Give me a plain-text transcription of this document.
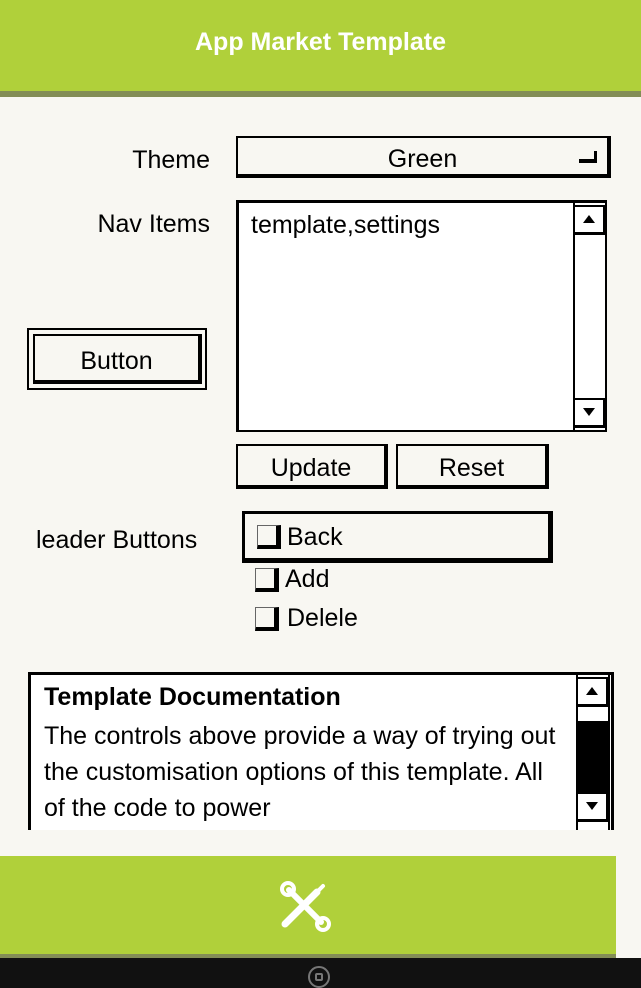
App Market Template
Theme	Green
Nav Items template,settings
Button
Update	Reset
leader Buttons	Back
Add
Delele
Template Documentation
The controls above provide a way of trying out the customisation options of this template. All of the code to power
